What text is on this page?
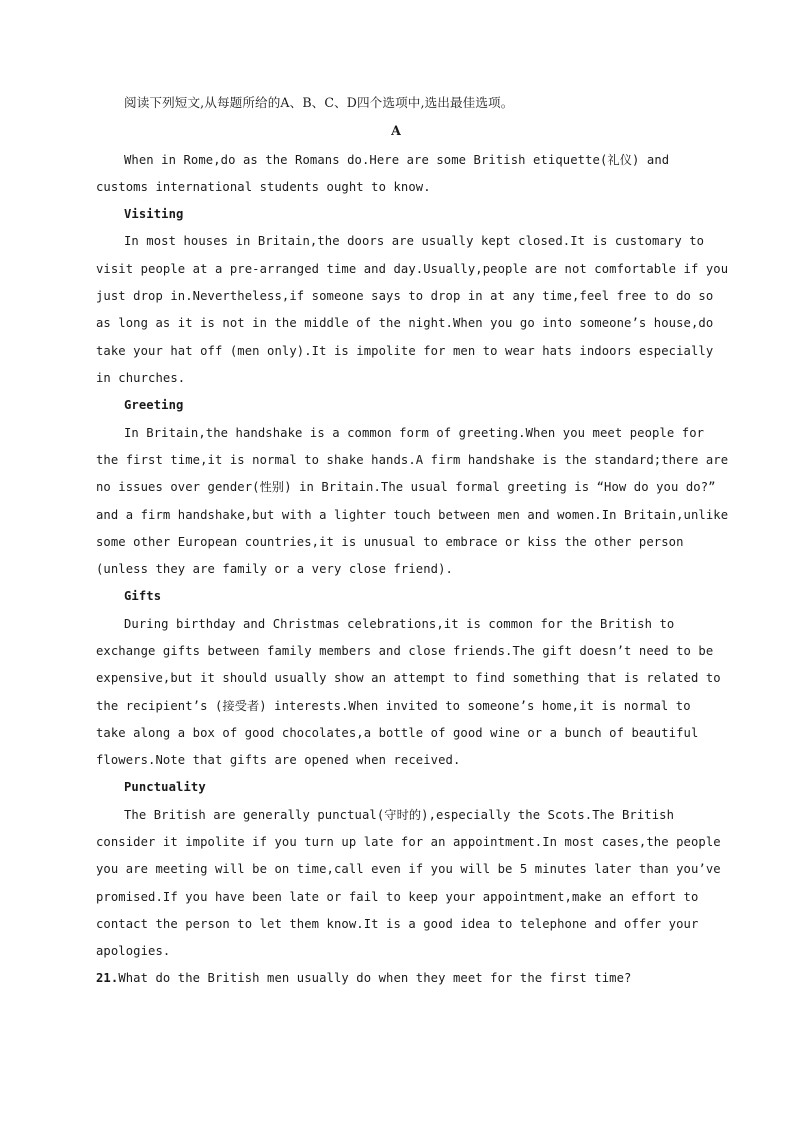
阅读下列短文,从每题所给的A、B、C、D四个选项中,选出最佳选项。
A
When in Rome,do as the Romans do.Here are some British etiquette(礼仪) and
customs international students ought to know.
Visiting
In most houses in Britain,the doors are usually kept closed.It is customary to
visit people at a pre-arranged time and day.Usually,people are not comfortable if you
just drop in.Nevertheless,if someone says to drop in at any time,feel free to do so
as long as it is not in the middle of the night.When you go into someone’s house,do
take your hat off (men only).It is impolite for men to wear hats indoors especially
in churches.
Greeting
In Britain,the handshake is a common form of greeting.When you meet people for
the first time,it is normal to shake hands.A firm handshake is the standard;there are
no issues over gender(性别) in Britain.The usual formal greeting is “How do you do?”
and a firm handshake,but with a lighter touch between men and women.In Britain,unlike
some other European countries,it is unusual to embrace or kiss the other person
(unless they are family or a very close friend).
Gifts
During birthday and Christmas celebrations,it is common for the British to
exchange gifts between family members and close friends.The gift doesn’t need to be
expensive,but it should usually show an attempt to find something that is related to
the recipient’s (接受者) interests.When invited to someone’s home,it is normal to
take along a box of good chocolates,a bottle of good wine or a bunch of beautiful
flowers.Note that gifts are opened when received.
Punctuality
The British are generally punctual(守时的),especially the Scots.The British
consider it impolite if you turn up late for an appointment.In most cases,the people
you are meeting will be on time,call even if you will be 5 minutes later than you’ve
promised.If you have been late or fail to keep your appointment,make an effort to
contact the person to let them know.It is a good idea to telephone and offer your
apologies.
21.What do the British men usually do when they meet for the first time?
